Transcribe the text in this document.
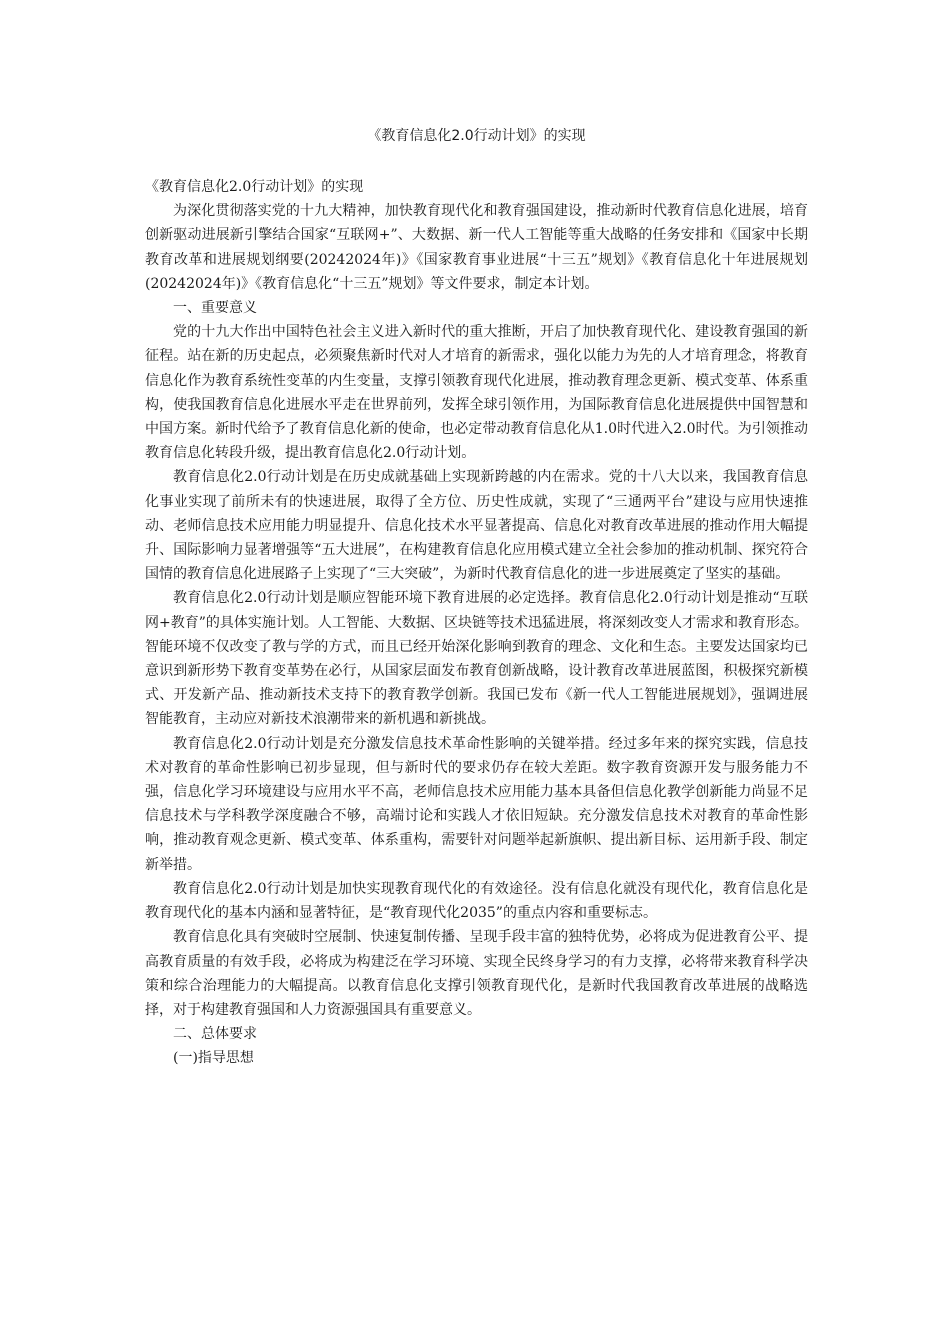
《教育信息化2.0行动计划》的实现

《教育信息化2.0行动计划》的实现

为深化贯彻落实党的十九大精神，加快教育现代化和教育强国建设，推动新时代教育信息化进展，培育创新驱动进展新引擎结合国家“互联网+”、大数据、新一代人工智能等重大战略的任务安排和《国家中长期教育改革和进展规划纲要(20242024年)》《国家教育事业进展“十三五”规划》《教育信息化十年进展规划(20242024年)》《教育信息化“十三五”规划》等文件要求，制定本计划。

一、重要意义

党的十九大作出中国特色社会主义进入新时代的重大推断，开启了加快教育现代化、建设教育强国的新征程。站在新的历史起点，必须聚焦新时代对人才培育的新需求，强化以能力为先的人才培育理念，将教育信息化作为教育系统性变革的内生变量，支撑引领教育现代化进展，推动教育理念更新、模式变革、体系重构，使我国教育信息化进展水平走在世界前列，发挥全球引领作用，为国际教育信息化进展提供中国智慧和中国方案。新时代给予了教育信息化新的使命，也必定带动教育信息化从1.0时代进入2.0时代。为引领推动教育信息化转段升级，提出教育信息化2.0行动计划。

教育信息化2.0行动计划是在历史成就基础上实现新跨越的内在需求。党的十八大以来，我国教育信息化事业实现了前所未有的快速进展，取得了全方位、历史性成就，实现了“三通两平台”建设与应用快速推动、老师信息技术应用能力明显提升、信息化技术水平显著提高、信息化对教育改革进展的推动作用大幅提升、国际影响力显著增强等“五大进展”，在构建教育信息化应用模式建立全社会参加的推动机制、探究符合国情的教育信息化进展路子上实现了“三大突破”，为新时代教育信息化的进一步进展奠定了坚实的基础。

教育信息化2.0行动计划是顺应智能环境下教育进展的必定选择。教育信息化2.0行动计划是推动“互联网+教育”的具体实施计划。人工智能、大数据、区块链等技术迅猛进展，将深刻改变人才需求和教育形态。智能环境不仅改变了教与学的方式，而且已经开始深化影响到教育的理念、文化和生态。主要发达国家均已意识到新形势下教育变革势在必行，从国家层面发布教育创新战略，设计教育改革进展蓝图，积极探究新模式、开发新产品、推动新技术支持下的教育教学创新。我国已发布《新一代人工智能进展规划》，强调进展智能教育，主动应对新技术浪潮带来的新机遇和新挑战。

教育信息化2.0行动计划是充分激发信息技术革命性影响的关键举措。经过多年来的探究实践，信息技术对教育的革命性影响已初步显现，但与新时代的要求仍存在较大差距。数字教育资源开发与服务能力不强，信息化学习环境建设与应用水平不高，老师信息技术应用能力基本具备但信息化教学创新能力尚显不足信息技术与学科教学深度融合不够，高端讨论和实践人才依旧短缺。充分激发信息技术对教育的革命性影响，推动教育观念更新、模式变革、体系重构，需要针对问题举起新旗帜、提出新目标、运用新手段、制定新举措。

教育信息化2.0行动计划是加快实现教育现代化的有效途径。没有信息化就没有现代化，教育信息化是教育现代化的基本内涵和显著特征，是“教育现代化2035”的重点内容和重要标志。

教育信息化具有突破时空展制、快速复制传播、呈现手段丰富的独特优势，必将成为促进教育公平、提高教育质量的有效手段，必将成为构建泛在学习环境、实现全民终身学习的有力支撑，必将带来教育科学决策和综合治理能力的大幅提高。以教育信息化支撑引领教育现代化，是新时代我国教育改革进展的战略选择，对于构建教育强国和人力资源强国具有重要意义。

二、总体要求

(一)指导思想
